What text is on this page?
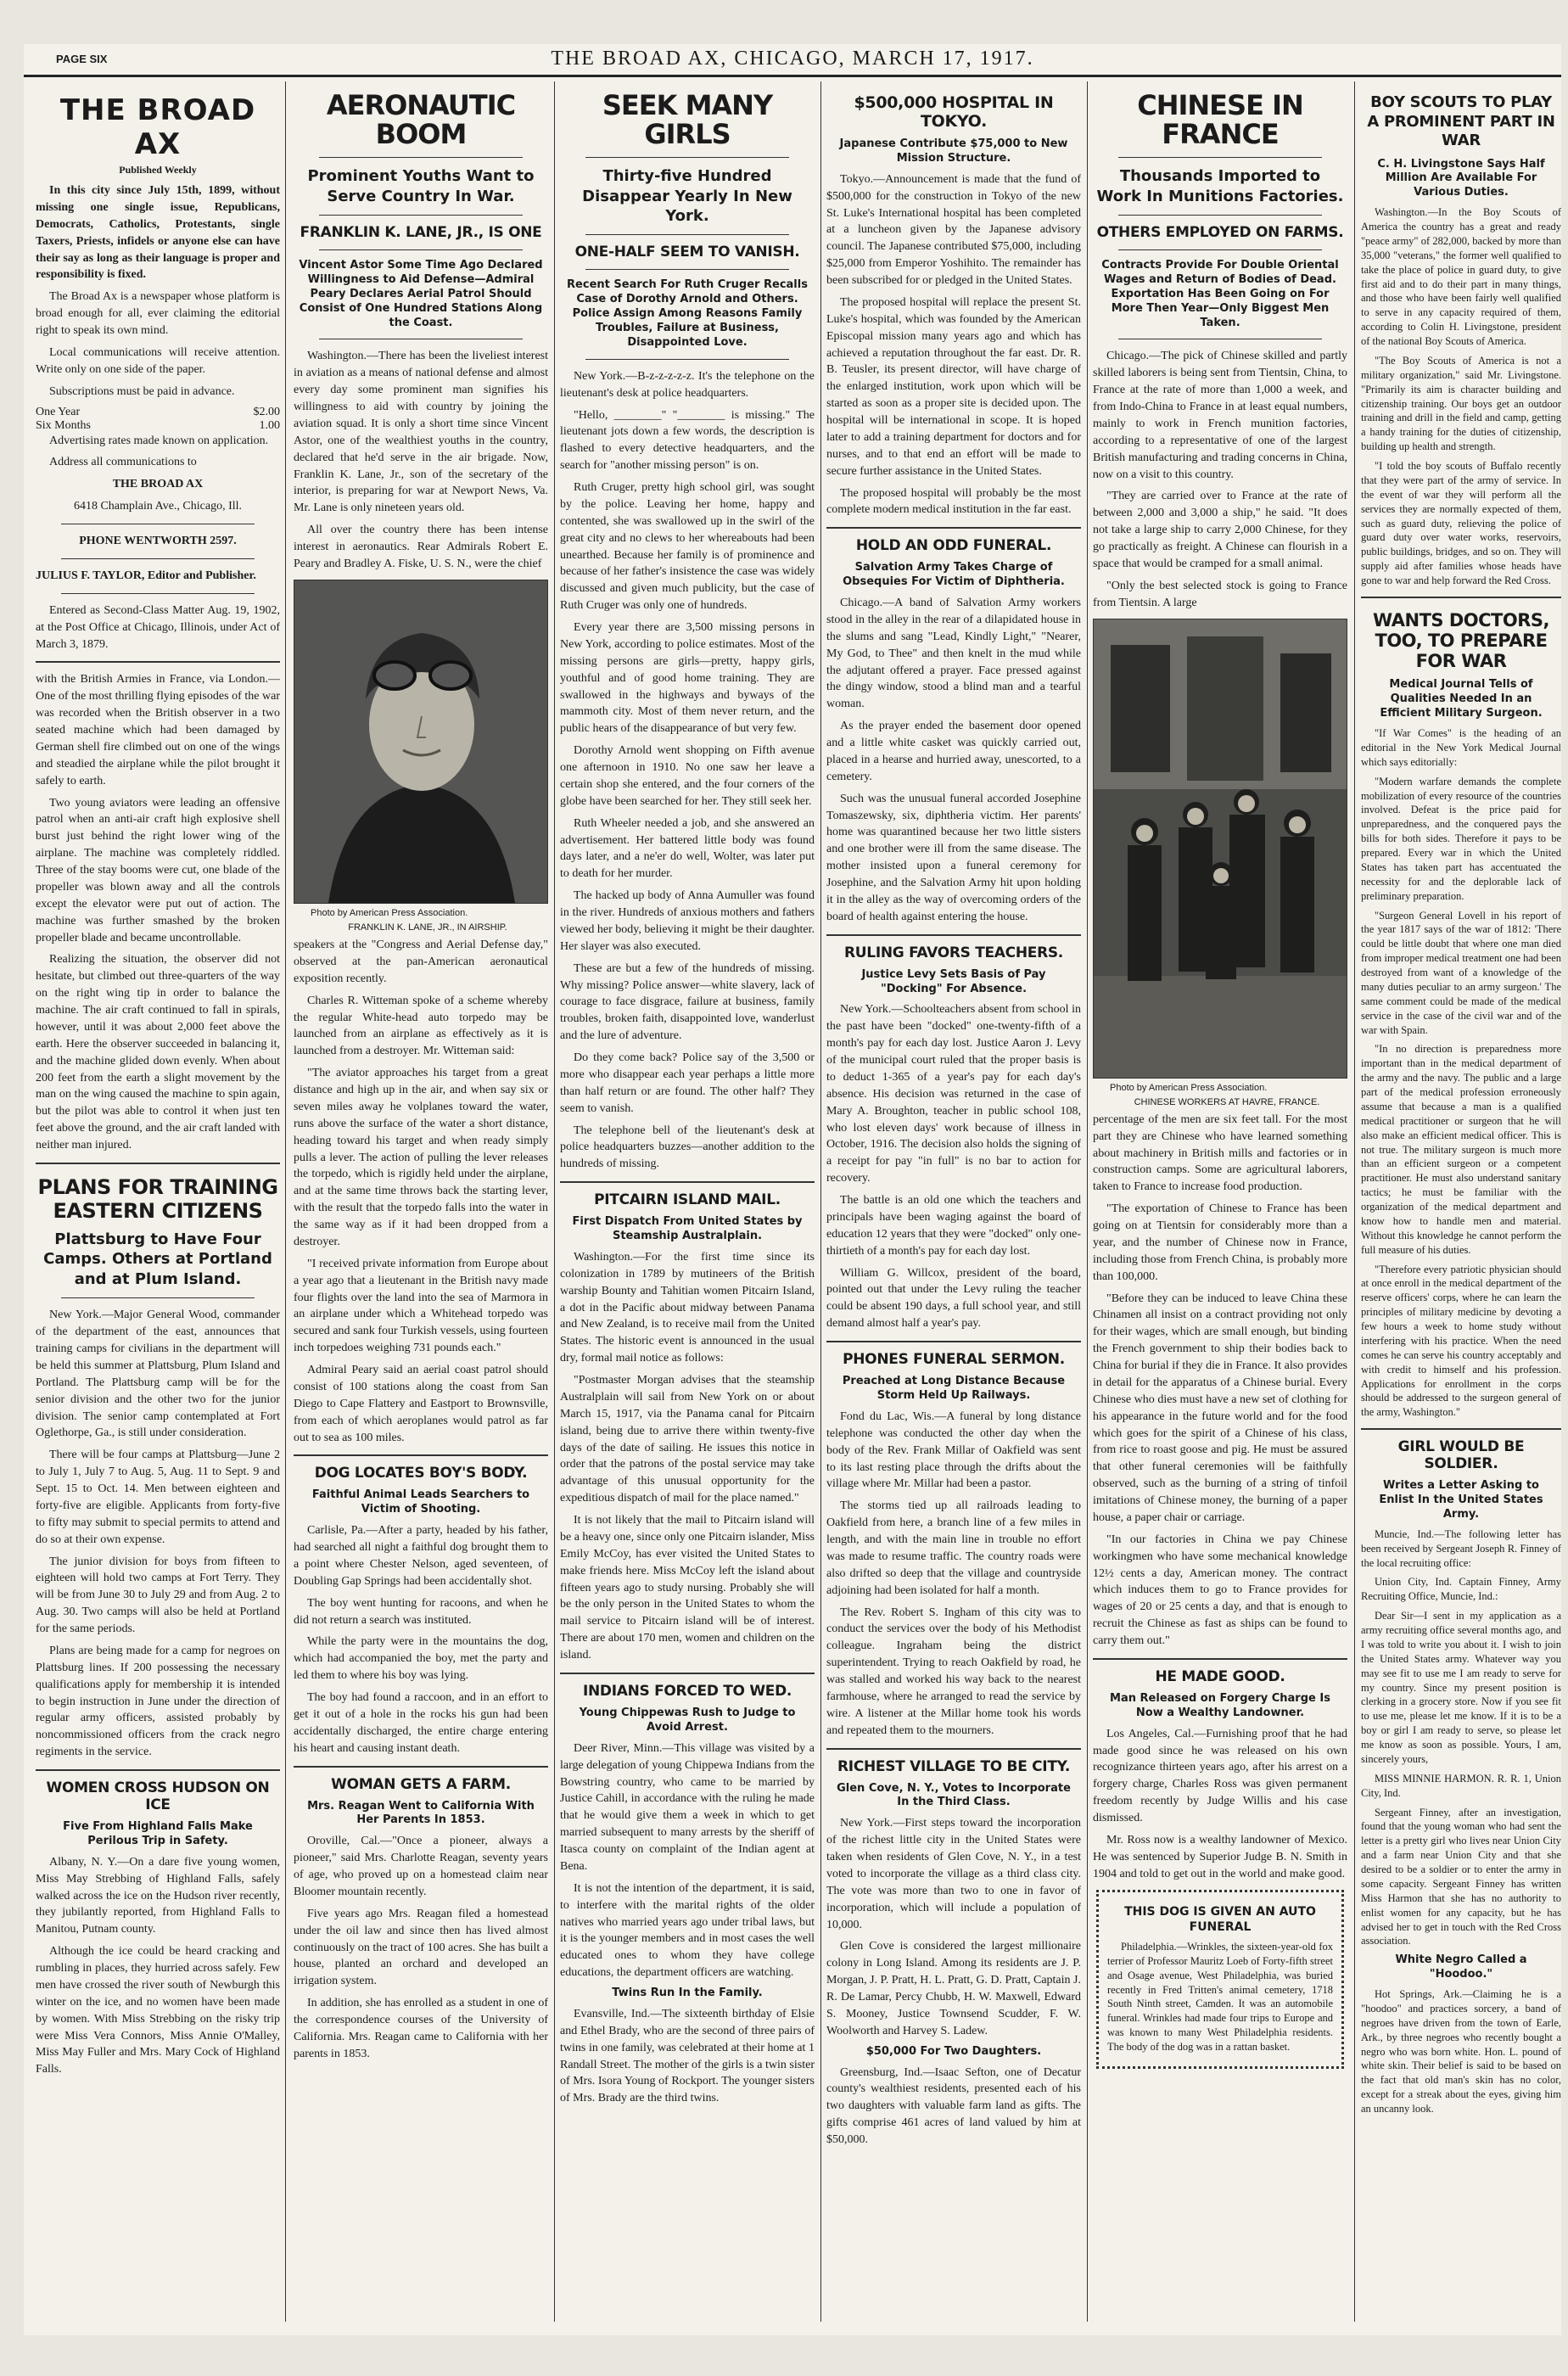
PAGE SIX	THE BROAD AX, CHICAGO, MARCH 17, 1917.
THE BROAD AX

Published Weekly

In this city since July 15th, 1899, without missing one single issue, Republicans, Democrats, Catholics, Protestants, single Taxers, Priests, infidels or anyone else can have their say as long as their language is proper and responsibility is fixed.

The Broad Ax is a newspaper whose platform is broad enough for all, ever claiming the editorial right to speak its own mind.

Local communications will receive attention. Write only on one side of the paper.

Subscriptions must be paid in advance.

One Year	$2.00
Six Months	1.00

Advertising rates made known on application.

Address all communications to

THE BROAD AX

6418 Champlain Ave., Chicago, Ill.

PHONE WENTWORTH 2597.

JULIUS F. TAYLOR, Editor and Publisher.

Entered as Second-Class Matter Aug. 19, 1902, at the Post Office at Chicago, Illinois, under Act of March 3, 1879.

with the British Armies in France, via London.—One of the most thrilling flying episodes of the war was recorded when the British observer in a two seated machine which had been damaged by German shell fire climbed out on one of the wings and steadied the airplane while the pilot brought it safely to earth.

Two young aviators were leading an offensive patrol when an anti-air craft high explosive shell burst just behind the right lower wing of the airplane. The machine was completely riddled. Three of the stay booms were cut, one blade of the propeller was blown away and all the controls except the elevator were put out of action. The machine was further smashed by the broken propeller blade and became uncontrollable.

Realizing the situation, the observer did not hesitate, but climbed out three-quarters of the way on the right wing tip in order to balance the machine. The air craft continued to fall in spirals, however, until it was about 2,000 feet above the earth. Here the observer succeeded in balancing it, and the machine glided down evenly. When about 200 feet from the earth a slight movement by the man on the wing caused the machine to spin again, but the pilot was able to control it when just ten feet above the ground, and the air craft landed with neither man injured.

PLANS FOR TRAINING EASTERN CITIZENS
Plattsburg to Have Four Camps. Others at Portland and at Plum Island.

New York.—Major General Wood, commander of the department of the east, announces that training camps for civilians in the department will be held this summer at Plattsburg, Plum Island and Portland. The Plattsburg camp will be for the senior division and the other two for the junior division. The senior camp contemplated at Fort Oglethorpe, Ga., is still under consideration.

There will be four camps at Plattsburg—June 2 to July 1, July 7 to Aug. 5, Aug. 11 to Sept. 9 and Sept. 15 to Oct. 14. Men between eighteen and forty-five are eligible. Applicants from forty-five to fifty may submit to special permits to attend and do so at their own expense.

The junior division for boys from fifteen to eighteen will hold two camps at Fort Terry. They will be from June 30 to July 29 and from Aug. 2 to Aug. 30. Two camps will also be held at Portland for the same periods.

Plans are being made for a camp for negroes on Plattsburg lines. If 200 possessing the necessary qualifications apply for membership it is intended to begin instruction in June under the direction of regular army officers, assisted probably by noncommissioned officers from the crack negro regiments in the service.

WOMEN CROSS HUDSON ON ICE
Five From Highland Falls Make Perilous Trip in Safety.

Albany, N. Y.—On a dare five young women, Miss May Strebbing of Highland Falls, safely walked across the ice on the Hudson river recently, they jubilantly reported, from Highland Falls to Manitou, Putnam county.

Although the ice could be heard cracking and rumbling in places, they hurried across safely. Few men have crossed the river south of Newburgh this winter on the ice, and no women have been made by women. With Miss Strebbing on the risky trip were Miss Vera Connors, Miss Annie O'Malley, Miss May Fuller and Mrs. Mary Cock of Highland Falls.

AERONAUTIC BOOM
Prominent Youths Want to Serve Country In War.
FRANKLIN K. LANE, JR., IS ONE
Vincent Astor Some Time Ago Declared Willingness to Aid Defense—Admiral Peary Declares Aerial Patrol Should Consist of One Hundred Stations Along the Coast.

Washington.—There has been the liveliest interest in aviation as a means of national defense and almost every day some prominent man signifies his willingness to aid with country by joining the aviation squad. It is only a short time since Vincent Astor, one of the wealthiest youths in the country, declared that he'd serve in the air brigade. Now, Franklin K. Lane, Jr., son of the secretary of the interior, is preparing for war at Newport News, Va. Mr. Lane is only nineteen years old.

All over the country there has been intense interest in aeronautics. Rear Admirals Robert E. Peary and Bradley A. Fiske, U. S. N., were the chief

Photo by American Press Association.

FRANKLIN K. LANE, JR., IN AIRSHIP.

speakers at the "Congress and Aerial Defense day," observed at the pan-American aeronautical exposition recently.

Charles R. Witteman spoke of a scheme whereby the regular White-head auto torpedo may be launched from an airplane as effectively as it is launched from a destroyer. Mr. Witteman said:

"The aviator approaches his target from a great distance and high up in the air, and when say six or seven miles away he volplanes toward the water, runs above the surface of the water a short distance, heading toward his target and when ready simply pulls a lever. The action of pulling the lever releases the torpedo, which is rigidly held under the airplane, and at the same time throws back the starting lever, with the result that the torpedo falls into the water in the same way as if it had been dropped from a destroyer.

"I received private information from Europe about a year ago that a lieutenant in the British navy made four flights over the land into the sea of Marmora in an airplane under which a Whitehead torpedo was secured and sank four Turkish vessels, using fourteen inch torpedoes weighing 731 pounds each."

Admiral Peary said an aerial coast patrol should consist of 100 stations along the coast from San Diego to Cape Flattery and Eastport to Brownsville, from each of which aeroplanes would patrol as far out to sea as 100 miles.

DOG LOCATES BOY'S BODY.
Faithful Animal Leads Searchers to Victim of Shooting.

Carlisle, Pa.—After a party, headed by his father, had searched all night a faithful dog brought them to a point where Chester Nelson, aged seventeen, of Doubling Gap Springs had been accidentally shot.

The boy went hunting for racoons, and when he did not return a search was instituted.

While the party were in the mountains the dog, which had accompanied the boy, met the party and led them to where his boy was lying.

The boy had found a raccoon, and in an effort to get it out of a hole in the rocks his gun had been accidentally discharged, the entire charge entering his heart and causing instant death.

WOMAN GETS A FARM.
Mrs. Reagan Went to California With Her Parents In 1853.

Oroville, Cal.—"Once a pioneer, always a pioneer," said Mrs. Charlotte Reagan, seventy years of age, who proved up on a homestead claim near Bloomer mountain recently.

Five years ago Mrs. Reagan filed a homestead under the oil law and since then has lived almost continuously on the tract of 100 acres. She has built a house, planted an orchard and developed an irrigation system.

In addition, she has enrolled as a student in one of the correspondence courses of the University of California. Mrs. Reagan came to California with her parents in 1853.

SEEK MANY GIRLS
Thirty-five Hundred Disappear Yearly In New York.
ONE-HALF SEEM TO VANISH.
Recent Search For Ruth Cruger Recalls Case of Dorothy Arnold and Others. Police Assign Among Reasons Family Troubles, Failure at Business, Disappointed Love.

New York.—B-z-z-z-z-z. It's the telephone on the lieutenant's desk at police headquarters.

"Hello, ________" "________ is missing." The lieutenant jots down a few words, the description is flashed to every detective headquarters, and the search for "another missing person" is on.

Ruth Cruger, pretty high school girl, was sought by the police. Leaving her home, happy and contented, she was swallowed up in the swirl of the great city and no clews to her whereabouts had been unearthed. Because her family is of prominence and because of her father's insistence the case was widely discussed and given much publicity, but the case of Ruth Cruger was only one of hundreds.

Every year there are 3,500 missing persons in New York, according to police estimates. Most of the missing persons are girls—pretty, happy girls, youthful and of good home training. They are swallowed in the highways and byways of the mammoth city. Most of them never return, and the public hears of the disappearance of but very few.

Dorothy Arnold went shopping on Fifth avenue one afternoon in 1910. No one saw her leave a certain shop she entered, and the four corners of the globe have been searched for her. They still seek her.

Ruth Wheeler needed a job, and she answered an advertisement. Her battered little body was found days later, and a ne'er do well, Wolter, was later put to death for her murder.

The hacked up body of Anna Aumuller was found in the river. Hundreds of anxious mothers and fathers viewed her body, believing it might be their daughter. Her slayer was also executed.

These are but a few of the hundreds of missing. Why missing? Police answer—white slavery, lack of courage to face disgrace, failure at business, family troubles, broken faith, disappointed love, wanderlust and the lure of adventure.

Do they come back? Police say of the 3,500 or more who disappear each year perhaps a little more than half return or are found. The other half? They seem to vanish.

The telephone bell of the lieutenant's desk at police headquarters buzzes—another addition to the hundreds of missing.

PITCAIRN ISLAND MAIL.
First Dispatch From United States by Steamship Australplain.

Washington.—For the first time since its colonization in 1789 by mutineers of the British warship Bounty and Tahitian women Pitcairn Island, a dot in the Pacific about midway between Panama and New Zealand, is to receive mail from the United States. The historic event is announced in the usual dry, formal mail notice as follows:

"Postmaster Morgan advises that the steamship Australplain will sail from New York on or about March 15, 1917, via the Panama canal for Pitcairn island, being due to arrive there within twenty-five days of the date of sailing. He issues this notice in order that the patrons of the postal service may take advantage of this unusual opportunity for the expeditious dispatch of mail for the place named."

It is not likely that the mail to Pitcairn island will be a heavy one, since only one Pitcairn islander, Miss Emily McCoy, has ever visited the United States to make friends here. Miss McCoy left the island about fifteen years ago to study nursing. Probably she will be the only person in the United States to whom the mail service to Pitcairn island will be of interest. There are about 170 men, women and children on the island.

INDIANS FORCED TO WED.
Young Chippewas Rush to Judge to Avoid Arrest.

Deer River, Minn.—This village was visited by a large delegation of young Chippewa Indians from the Bowstring country, who came to be married by Justice Cahill, in accordance with the ruling he made that he would give them a week in which to get married subsequent to many arrests by the sheriff of Itasca county on complaint of the Indian agent at Bena.

It is not the intention of the department, it is said, to interfere with the marital rights of the older natives who married years ago under tribal laws, but it is the younger members and in most cases the well educated ones to whom they have college educations, the department officers are watching.

Twins Run In the Family.

Evansville, Ind.—The sixteenth birthday of Elsie and Ethel Brady, who are the second of three pairs of twins in one family, was celebrated at their home at 1 Randall Street. The mother of the girls is a twin sister of Mrs. Isora Young of Rockport. The younger sisters of Mrs. Brady are the third twins.

$500,000 HOSPITAL IN TOKYO.
Japanese Contribute $75,000 to New Mission Structure.

Tokyo.—Announcement is made that the fund of $500,000 for the construction in Tokyo of the new St. Luke's International hospital has been completed at a luncheon given by the Japanese advisory council. The Japanese contributed $75,000, including $25,000 from Emperor Yoshihito. The remainder has been subscribed for or pledged in the United States.

The proposed hospital will replace the present St. Luke's hospital, which was founded by the American Episcopal mission many years ago and which has achieved a reputation throughout the far east. Dr. R. B. Teusler, its present director, will have charge of the enlarged institution, work upon which will be started as soon as a proper site is decided upon. The hospital will be international in scope. It is hoped later to add a training department for doctors and for nurses, and to that end an effort will be made to secure further assistance in the United States.

The proposed hospital will probably be the most complete modern medical institution in the far east.

HOLD AN ODD FUNERAL.
Salvation Army Takes Charge of Obsequies For Victim of Diphtheria.

Chicago.—A band of Salvation Army workers stood in the alley in the rear of a dilapidated house in the slums and sang "Lead, Kindly Light," "Nearer, My God, to Thee" and then knelt in the mud while the adjutant offered a prayer. Face pressed against the dingy window, stood a blind man and a tearful woman.

As the prayer ended the basement door opened and a little white casket was quickly carried out, placed in a hearse and hurried away, unescorted, to a cemetery.

Such was the unusual funeral accorded Josephine Tomaszewsky, six, diphtheria victim. Her parents' home was quarantined because her two little sisters and one brother were ill from the same disease. The mother insisted upon a funeral ceremony for Josephine, and the Salvation Army hit upon holding it in the alley as the way of overcoming orders of the board of health against entering the house.

RULING FAVORS TEACHERS.
Justice Levy Sets Basis of Pay "Docking" For Absence.

New York.—Schoolteachers absent from school in the past have been "docked" one-twenty-fifth of a month's pay for each day lost. Justice Aaron J. Levy of the municipal court ruled that the proper basis is to deduct 1-365 of a year's pay for each day's absence. His decision was returned in the case of Mary A. Broughton, teacher in public school 108, who lost eleven days' work because of illness in October, 1916. The decision also holds the signing of a receipt for pay "in full" is no bar to action for recovery.

The battle is an old one which the teachers and principals have been waging against the board of education 12 years that they were "docked" only one-thirtieth of a month's pay for each day lost.

William G. Willcox, president of the board, pointed out that under the Levy ruling the teacher could be absent 190 days, a full school year, and still demand almost half a year's pay.

PHONES FUNERAL SERMON.
Preached at Long Distance Because Storm Held Up Railways.

Fond du Lac, Wis.—A funeral by long distance telephone was conducted the other day when the body of the Rev. Frank Millar of Oakfield was sent to its last resting place through the drifts about the village where Mr. Millar had been a pastor.

The storms tied up all railroads leading to Oakfield from here, a branch line of a few miles in length, and with the main line in trouble no effort was made to resume traffic. The country roads were also drifted so deep that the village and countryside adjoining had been isolated for half a month.

The Rev. Robert S. Ingham of this city was to conduct the services over the body of his Methodist colleague. Ingraham being the district superintendent. Trying to reach Oakfield by road, he was stalled and worked his way back to the nearest farmhouse, where he arranged to read the service by wire. A listener at the Millar home took his words and repeated them to the mourners.

RICHEST VILLAGE TO BE CITY.
Glen Cove, N. Y., Votes to Incorporate In the Third Class.

New York.—First steps toward the incorporation of the richest little city in the United States were taken when residents of Glen Cove, N. Y., in a test voted to incorporate the village as a third class city. The vote was more than two to one in favor of incorporation, which will include a population of 10,000.

Glen Cove is considered the largest millionaire colony in Long Island. Among its residents are J. P. Morgan, J. P. Pratt, H. L. Pratt, G. D. Pratt, Captain J. R. De Lamar, Percy Chubb, H. W. Maxwell, Edward S. Mooney, Justice Townsend Scudder, F. W. Woolworth and Harvey S. Ladew.

$50,000 For Two Daughters.

Greensburg, Ind.—Isaac Sefton, one of Decatur county's wealthiest residents, presented each of his two daughters with valuable farm land as gifts. The gifts comprise 461 acres of land valued by him at $50,000.

CHINESE IN FRANCE
Thousands Imported to Work In Munitions Factories.
OTHERS EMPLOYED ON FARMS.
Contracts Provide For Double Oriental Wages and Return of Bodies of Dead. Exportation Has Been Going on For More Then Year—Only Biggest Men Taken.

Chicago.—The pick of Chinese skilled and partly skilled laborers is being sent from Tientsin, China, to France at the rate of more than 1,000 a week, and from Indo-China to France in at least equal numbers, mainly to work in French munition factories, according to a representative of one of the largest British manufacturing and trading concerns in China, now on a visit to this country.

"They are carried over to France at the rate of between 2,000 and 3,000 a ship," he said. "It does not take a large ship to carry 2,000 Chinese, for they go practically as freight. A Chinese can flourish in a space that would be cramped for a small animal.

"Only the best selected stock is going to France from Tientsin. A large

Photo by American Press Association.

CHINESE WORKERS AT HAVRE, FRANCE.

percentage of the men are six feet tall. For the most part they are Chinese who have learned something about machinery in British mills and factories or in construction camps. Some are agricultural laborers, taken to France to increase food production.

"The exportation of Chinese to France has been going on at Tientsin for considerably more than a year, and the number of Chinese now in France, including those from French China, is probably more than 100,000.

"Before they can be induced to leave China these Chinamen all insist on a contract providing not only for their wages, which are small enough, but binding the French government to ship their bodies back to China for burial if they die in France. It also provides in detail for the apparatus of a Chinese burial. Every Chinese who dies must have a new set of clothing for his appearance in the future world and for the food which goes for the spirit of a Chinese of his class, from rice to roast goose and pig. He must be assured that other funeral ceremonies will be faithfully observed, such as the burning of a string of tinfoil imitations of Chinese money, the burning of a paper house, a paper chair or carriage.

"In our factories in China we pay Chinese workingmen who have some mechanical knowledge 12½ cents a day, American money. The contract which induces them to go to France provides for wages of 20 or 25 cents a day, and that is enough to recruit the Chinese as fast as ships can be found to carry them out."

HE MADE GOOD.
Man Released on Forgery Charge Is Now a Wealthy Landowner.

Los Angeles, Cal.—Furnishing proof that he had made good since he was released on his own recognizance thirteen years ago, after his arrest on a forgery charge, Charles Ross was given permanent freedom recently by Judge Willis and his case dismissed.

Mr. Ross now is a wealthy landowner of Mexico. He was sentenced by Superior Judge B. N. Smith in 1904 and told to get out in the world and make good.

THIS DOG IS GIVEN AN AUTO FUNERAL

Philadelphia.—Wrinkles, the sixteen-year-old fox terrier of Professor Mauritz Loeb of Forty-fifth street and Osage avenue, West Philadelphia, was buried recently in Fred Tritten's animal cemetery, 1718 South Ninth street, Camden. It was an automobile funeral. Wrinkles had made four trips to Europe and was known to many West Philadelphia residents. The body of the dog was in a rattan basket.

BOY SCOUTS TO PLAY A PROMINENT PART IN WAR
C. H. Livingstone Says Half Million Are Available For Various Duties.

Washington.—In the Boy Scouts of America the country has a great and ready "peace army" of 282,000, backed by more than 35,000 "veterans," the former well qualified to take the place of police in guard duty, to give first aid and to do their part in many things, and those who have been fairly well qualified to serve in any capacity required of them, according to Colin H. Livingstone, president of the national Boy Scouts of America.

"The Boy Scouts of America is not a military organization," said Mr. Livingstone. "Primarily its aim is character building and citizenship training. Our boys get an outdoor training and drill in the field and camp, getting a handy training for the duties of citizenship, building up health and strength.

"I told the boy scouts of Buffalo recently that they were part of the army of service. In the event of war they will perform all the services they are normally expected of them, such as guard duty, relieving the police of guard duty over water works, reservoirs, public buildings, bridges, and so on. They will supply aid after families whose heads have gone to war and help forward the Red Cross.

WANTS DOCTORS, TOO, TO PREPARE FOR WAR
Medical Journal Tells of Qualities Needed In an Efficient Military Surgeon.

"If War Comes" is the heading of an editorial in the New York Medical Journal which says editorially:

"Modern warfare demands the complete mobilization of every resource of the countries involved. Defeat is the price paid for unpreparedness, and the conquered pays the bills for both sides. Therefore it pays to be prepared. Every war in which the United States has taken part has accentuated the necessity for and the deplorable lack of preliminary preparation.

"Surgeon General Lovell in his report of the year 1817 says of the war of 1812: 'There could be little doubt that where one man died from improper medical treatment one had been destroyed from want of a knowledge of the many duties peculiar to an army surgeon.' The same comment could be made of the medical service in the case of the civil war and of the war with Spain.

"In no direction is preparedness more important than in the medical department of the army and the navy. The public and a large part of the medical profession erroneously assume that because a man is a qualified medical practitioner or surgeon that he will also make an efficient medical officer. This is not true. The military surgeon is much more than an efficient surgeon or a competent practitioner. He must also understand sanitary tactics; he must be familiar with the organization of the medical department and know how to handle men and material. Without this knowledge he cannot perform the full measure of his duties.

"Therefore every patriotic physician should at once enroll in the medical department of the reserve officers' corps, where he can learn the principles of military medicine by devoting a few hours a week to home study without interfering with his practice. When the need comes he can serve his country acceptably and with credit to himself and his profession. Applications for enrollment in the corps should be addressed to the surgeon general of the army, Washington."

GIRL WOULD BE SOLDIER.
Writes a Letter Asking to Enlist In the United States Army.

Muncie, Ind.—The following letter has been received by Sergeant Joseph R. Finney of the local recruiting office:

Union City, Ind. Captain Finney, Army Recruiting Office, Muncie, Ind.:

Dear Sir—I sent in my application as a army recruiting office several months ago, and I was told to write you about it. I wish to join the United States army. Whatever way you may see fit to use me I am ready to serve for my country. Since my present position is clerking in a grocery store. Now if you see fit to use me, please let me know. If it is to be a boy or girl I am ready to serve, so please let me know as soon as possible. Yours, I am, sincerely yours,

MISS MINNIE HARMON. R. R. 1, Union City, Ind.

Sergeant Finney, after an investigation, found that the young woman who had sent the letter is a pretty girl who lives near Union City and a farm near Union City and that she desired to be a soldier or to enter the army in some capacity. Sergeant Finney has written Miss Harmon that she has no authority to enlist women for any capacity, but he has advised her to get in touch with the Red Cross association.

White Negro Called a "Hoodoo."

Hot Springs, Ark.—Claiming he is a "hoodoo" and practices sorcery, a band of negroes have driven from the town of Earle, Ark., by three negroes who recently bought a negro who was born white. Hon. L. pound of white skin. Their belief is said to be based on the fact that old man's skin has no color, except for a streak about the eyes, giving him an uncanny look.
